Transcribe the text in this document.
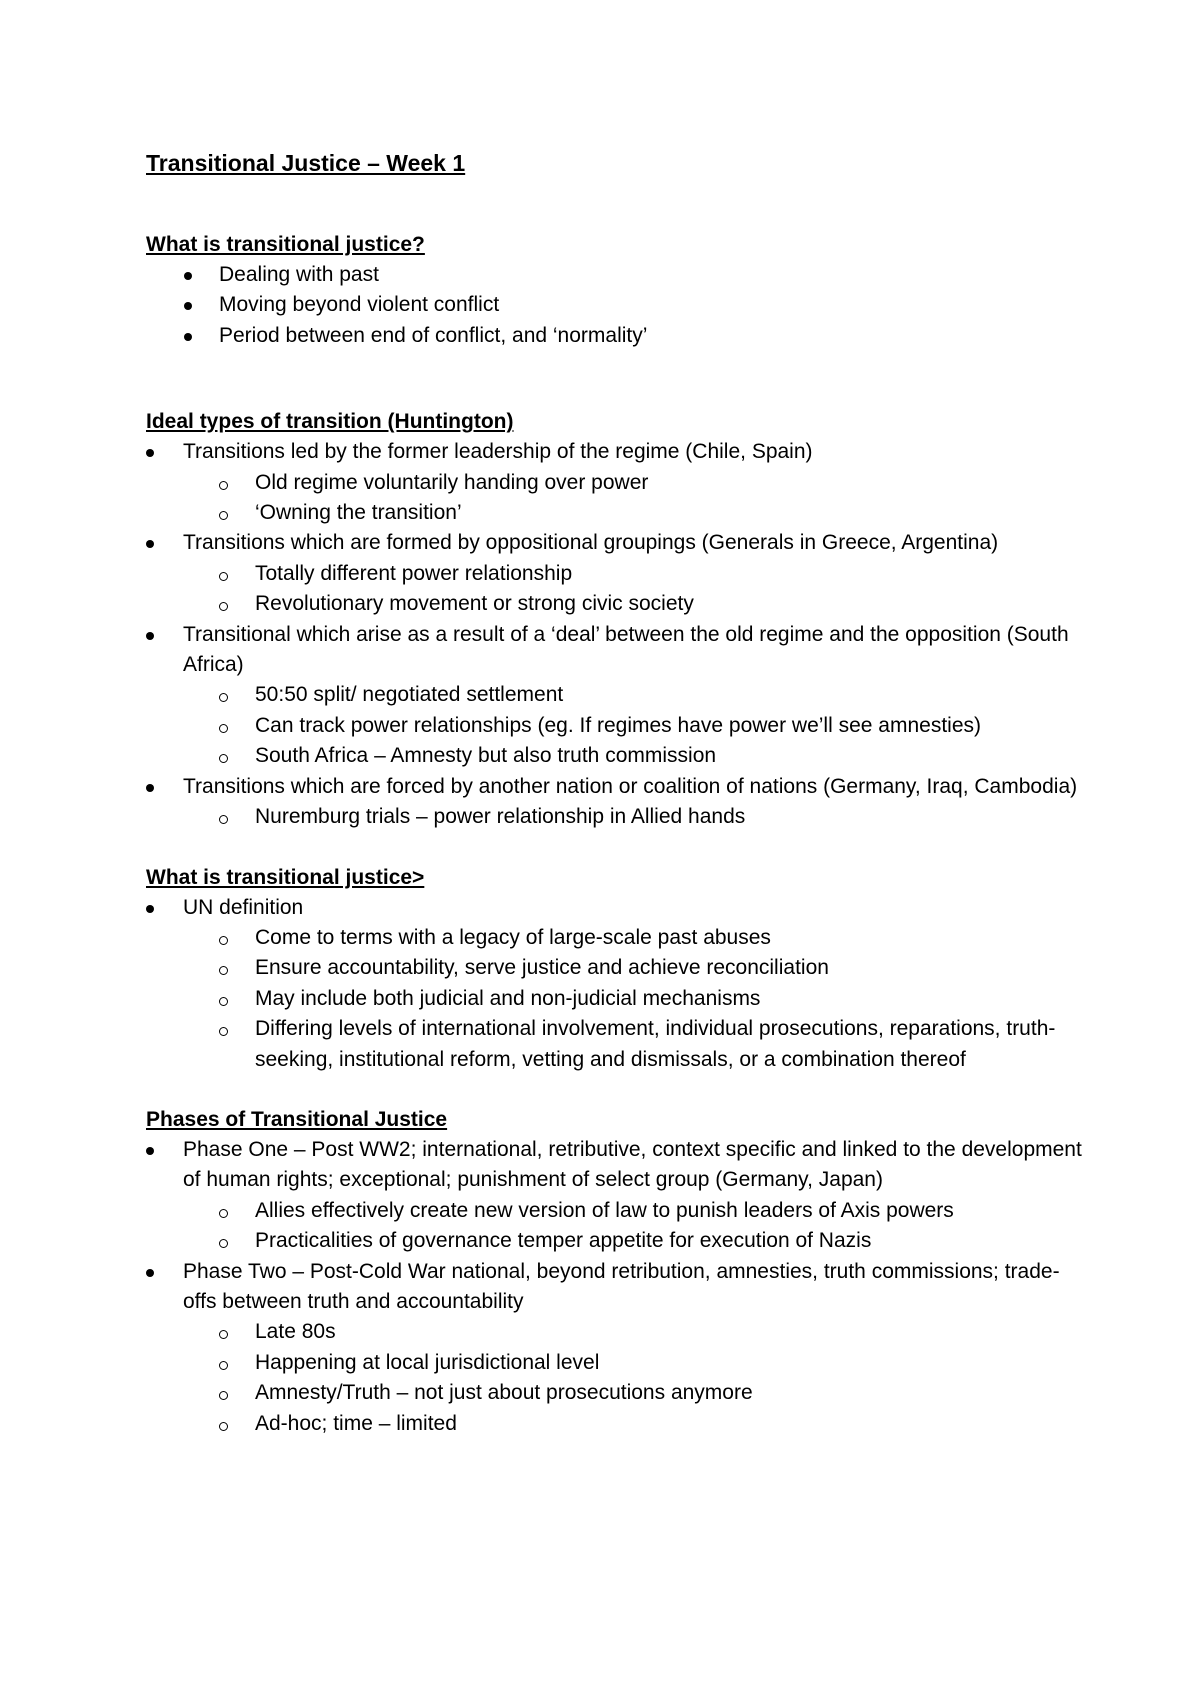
Transitional Justice – Week 1
What is transitional justice?
Dealing with past
Moving beyond violent conflict
Period between end of conflict, and ‘normality’
Ideal types of transition (Huntington)
Transitions led by the former leadership of the regime (Chile, Spain)
Old regime voluntarily handing over power
‘Owning the transition’
Transitions which are formed by oppositional groupings (Generals in Greece, Argentina)
Totally different power relationship
Revolutionary movement or strong civic society
Transitional which arise as a result of a ‘deal’ between the old regime and the opposition (South Africa)
50:50 split/ negotiated settlement
Can track power relationships (eg. If regimes have power we’ll see amnesties)
South Africa – Amnesty but also truth commission
Transitions which are forced by another nation or coalition of nations (Germany, Iraq, Cambodia)
Nuremburg trials – power relationship in Allied hands
What is transitional justice>
UN definition
Come to terms with a legacy of large-scale past abuses
Ensure accountability, serve justice and achieve reconciliation
May include both judicial and non-judicial mechanisms
Differing levels of international involvement, individual prosecutions, reparations, truth-seeking, institutional reform, vetting and dismissals, or a combination thereof
Phases of Transitional Justice
Phase One – Post WW2; international, retributive, context specific and linked to the development of human rights; exceptional; punishment of select group (Germany, Japan)
Allies effectively create new version of law to punish leaders of Axis powers
Practicalities of governance temper appetite for execution of Nazis
Phase Two – Post-Cold War national, beyond retribution, amnesties, truth commissions; trade-offs between truth and accountability
Late 80s
Happening at local jurisdictional level
Amnesty/Truth – not just about prosecutions anymore
Ad-hoc; time – limited
